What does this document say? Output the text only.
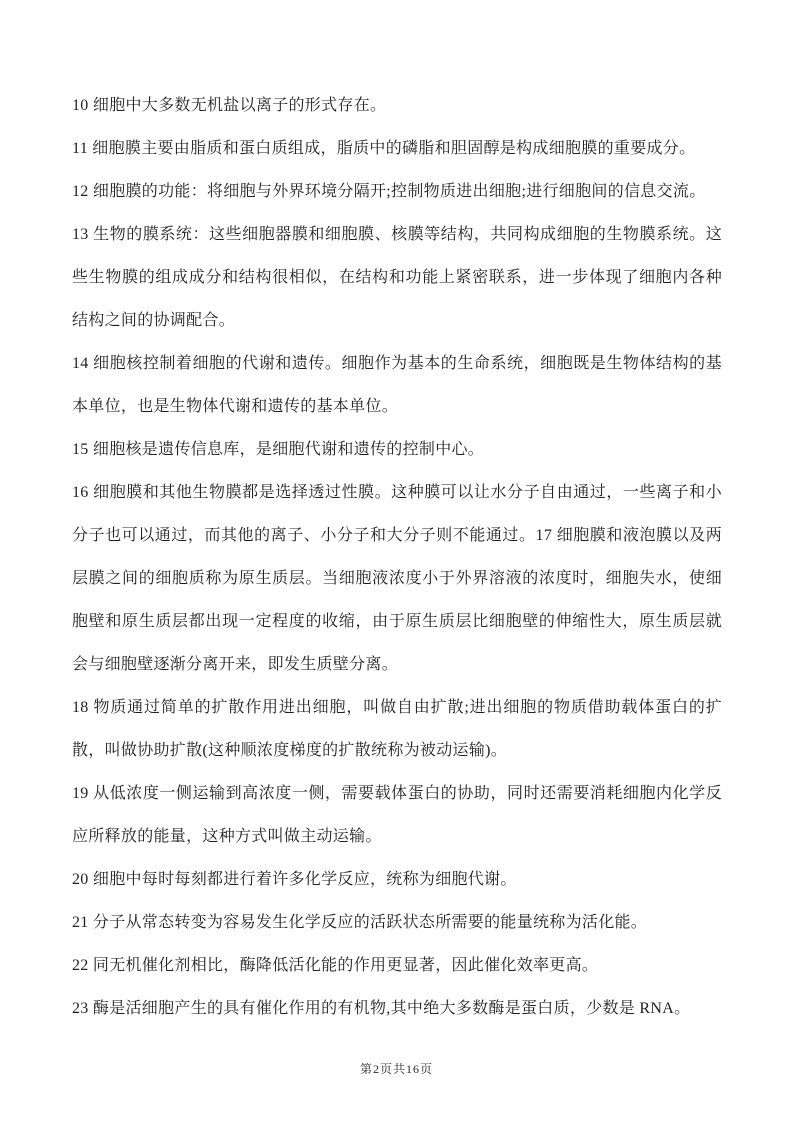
10 细胞中大多数无机盐以离子的形式存在。

11 细胞膜主要由脂质和蛋白质组成，脂质中的磷脂和胆固醇是构成细胞膜的重要成分。

12 细胞膜的功能：将细胞与外界环境分隔开;控制物质进出细胞;进行细胞间的信息交流。

13 生物的膜系统：这些细胞器膜和细胞膜、核膜等结构，共同构成细胞的生物膜系统。这些生物膜的组成成分和结构很相似，在结构和功能上紧密联系，进一步体现了细胞内各种结构之间的协调配合。

14 细胞核控制着细胞的代谢和遗传。细胞作为基本的生命系统，细胞既是生物体结构的基本单位，也是生物体代谢和遗传的基本单位。

15 细胞核是遗传信息库，是细胞代谢和遗传的控制中心。

16 细胞膜和其他生物膜都是选择透过性膜。这种膜可以让水分子自由通过，一些离子和小分子也可以通过，而其他的离子、小分子和大分子则不能通过。17 细胞膜和液泡膜以及两层膜之间的细胞质称为原生质层。当细胞液浓度小于外界溶液的浓度时，细胞失水，使细胞壁和原生质层都出现一定程度的收缩，由于原生质层比细胞壁的伸缩性大，原生质层就会与细胞壁逐渐分离开来，即发生质壁分离。

18 物质通过简单的扩散作用进出细胞，叫做自由扩散;进出细胞的物质借助载体蛋白的扩散，叫做协助扩散(这种顺浓度梯度的扩散统称为被动运输)。

19 从低浓度一侧运输到高浓度一侧，需要载体蛋白的协助，同时还需要消耗细胞内化学反应所释放的能量，这种方式叫做主动运输。

20 细胞中每时每刻都进行着许多化学反应，统称为细胞代谢。

21 分子从常态转变为容易发生化学反应的活跃状态所需要的能量统称为活化能。

22 同无机催化剂相比，酶降低活化能的作用更显著，因此催化效率更高。

23 酶是活细胞产生的具有催化作用的有机物,其中绝大多数酶是蛋白质，少数是 RNA。

第2页共16页
